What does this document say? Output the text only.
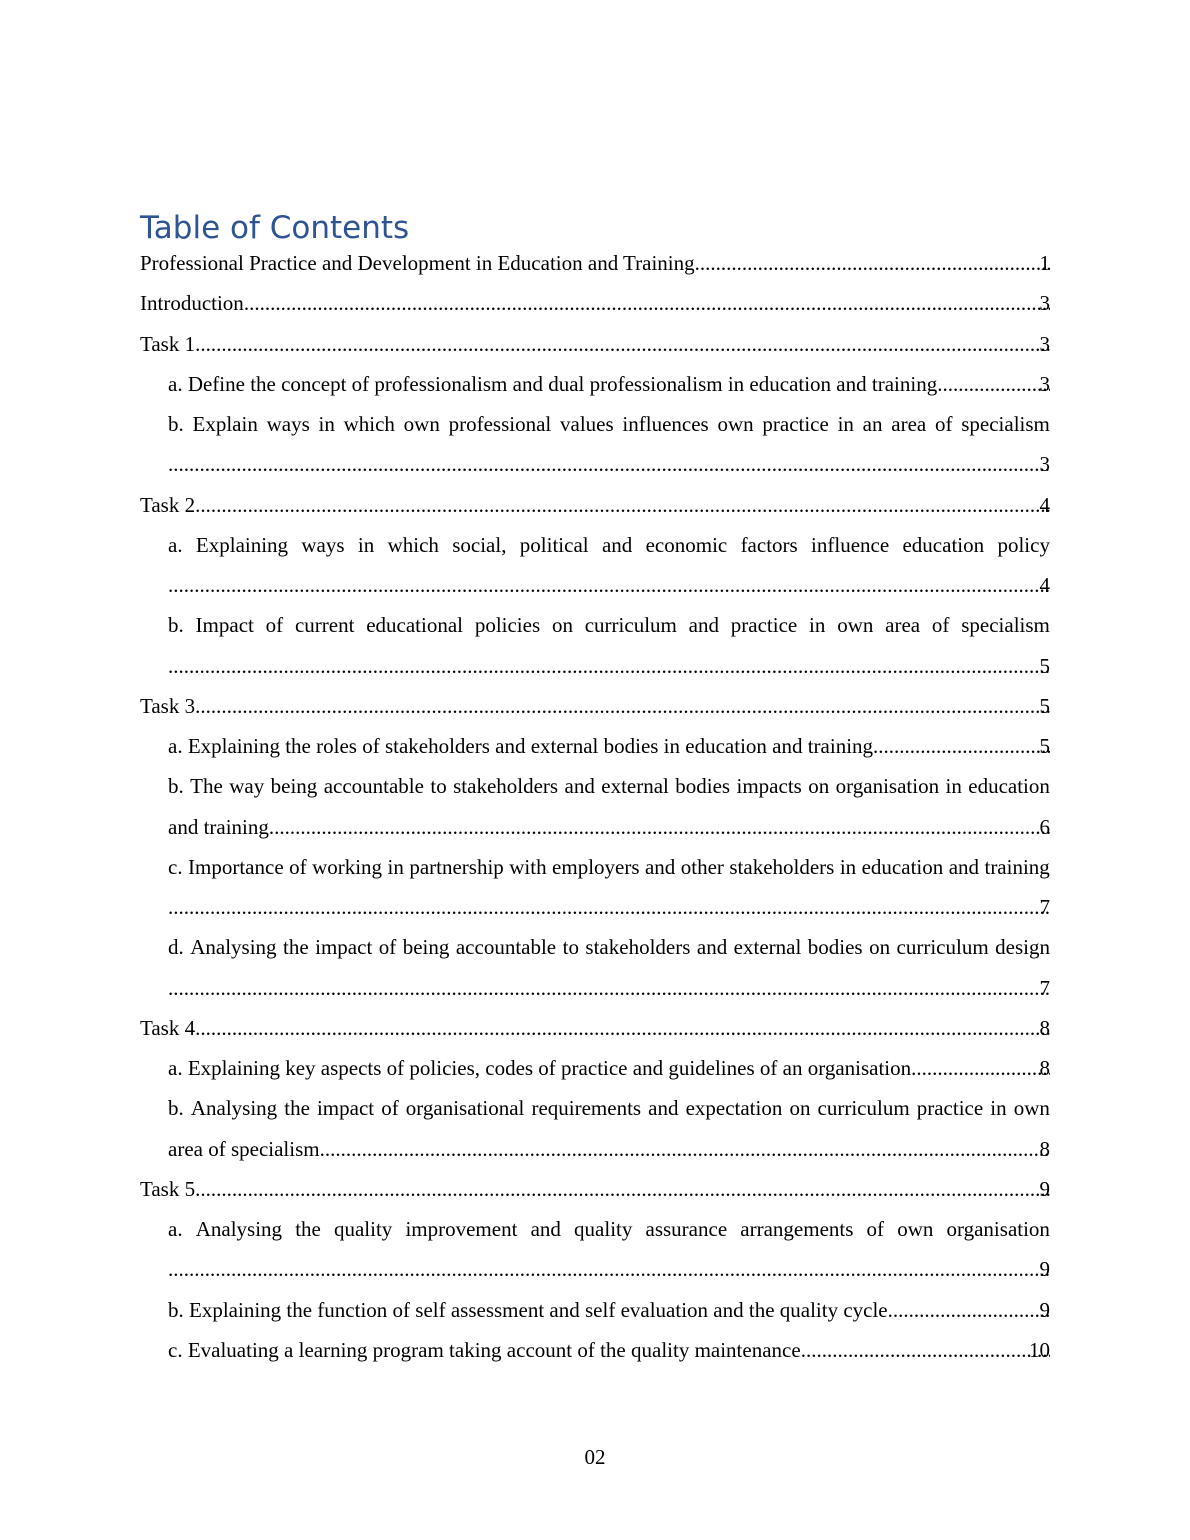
Table of Contents
1
Professional Practice and Development in Education and Training .....
3
Introduction .....
3
Task 1 .....
3
a. Define the concept of professionalism and dual professionalism in education and training .....
b. Explain ways in which own professional values influences own practice in an area of specialism
3
.....
4
Task 2 .....
a. Explaining ways in which social, political and economic factors influence education policy
4
.....
b. Impact of current educational policies on curriculum and practice in own area of specialism
5
.....
5
Task 3 .....
5
a. Explaining the roles of stakeholders and external bodies in education and training .....
b. The way being accountable to stakeholders and external bodies impacts on organisation in education
6
and training .....
c. Importance of working in partnership with employers and other stakeholders in education and training
7
.....
d. Analysing the impact of being accountable to stakeholders and external bodies on curriculum design
7
.....
8
Task 4 .....
8
a. Explaining key aspects of policies, codes of practice and guidelines of an organisation .....
b. Analysing the impact of organisational requirements and expectation on curriculum practice in own
8
area of specialism .....
9
Task 5 .....
a. Analysing the quality improvement and quality assurance arrangements of own organisation
9
.....
9
b. Explaining the function of self assessment and self evaluation and the quality cycle .....
10
c. Evaluating a learning program taking account of the quality maintenance .....
02
